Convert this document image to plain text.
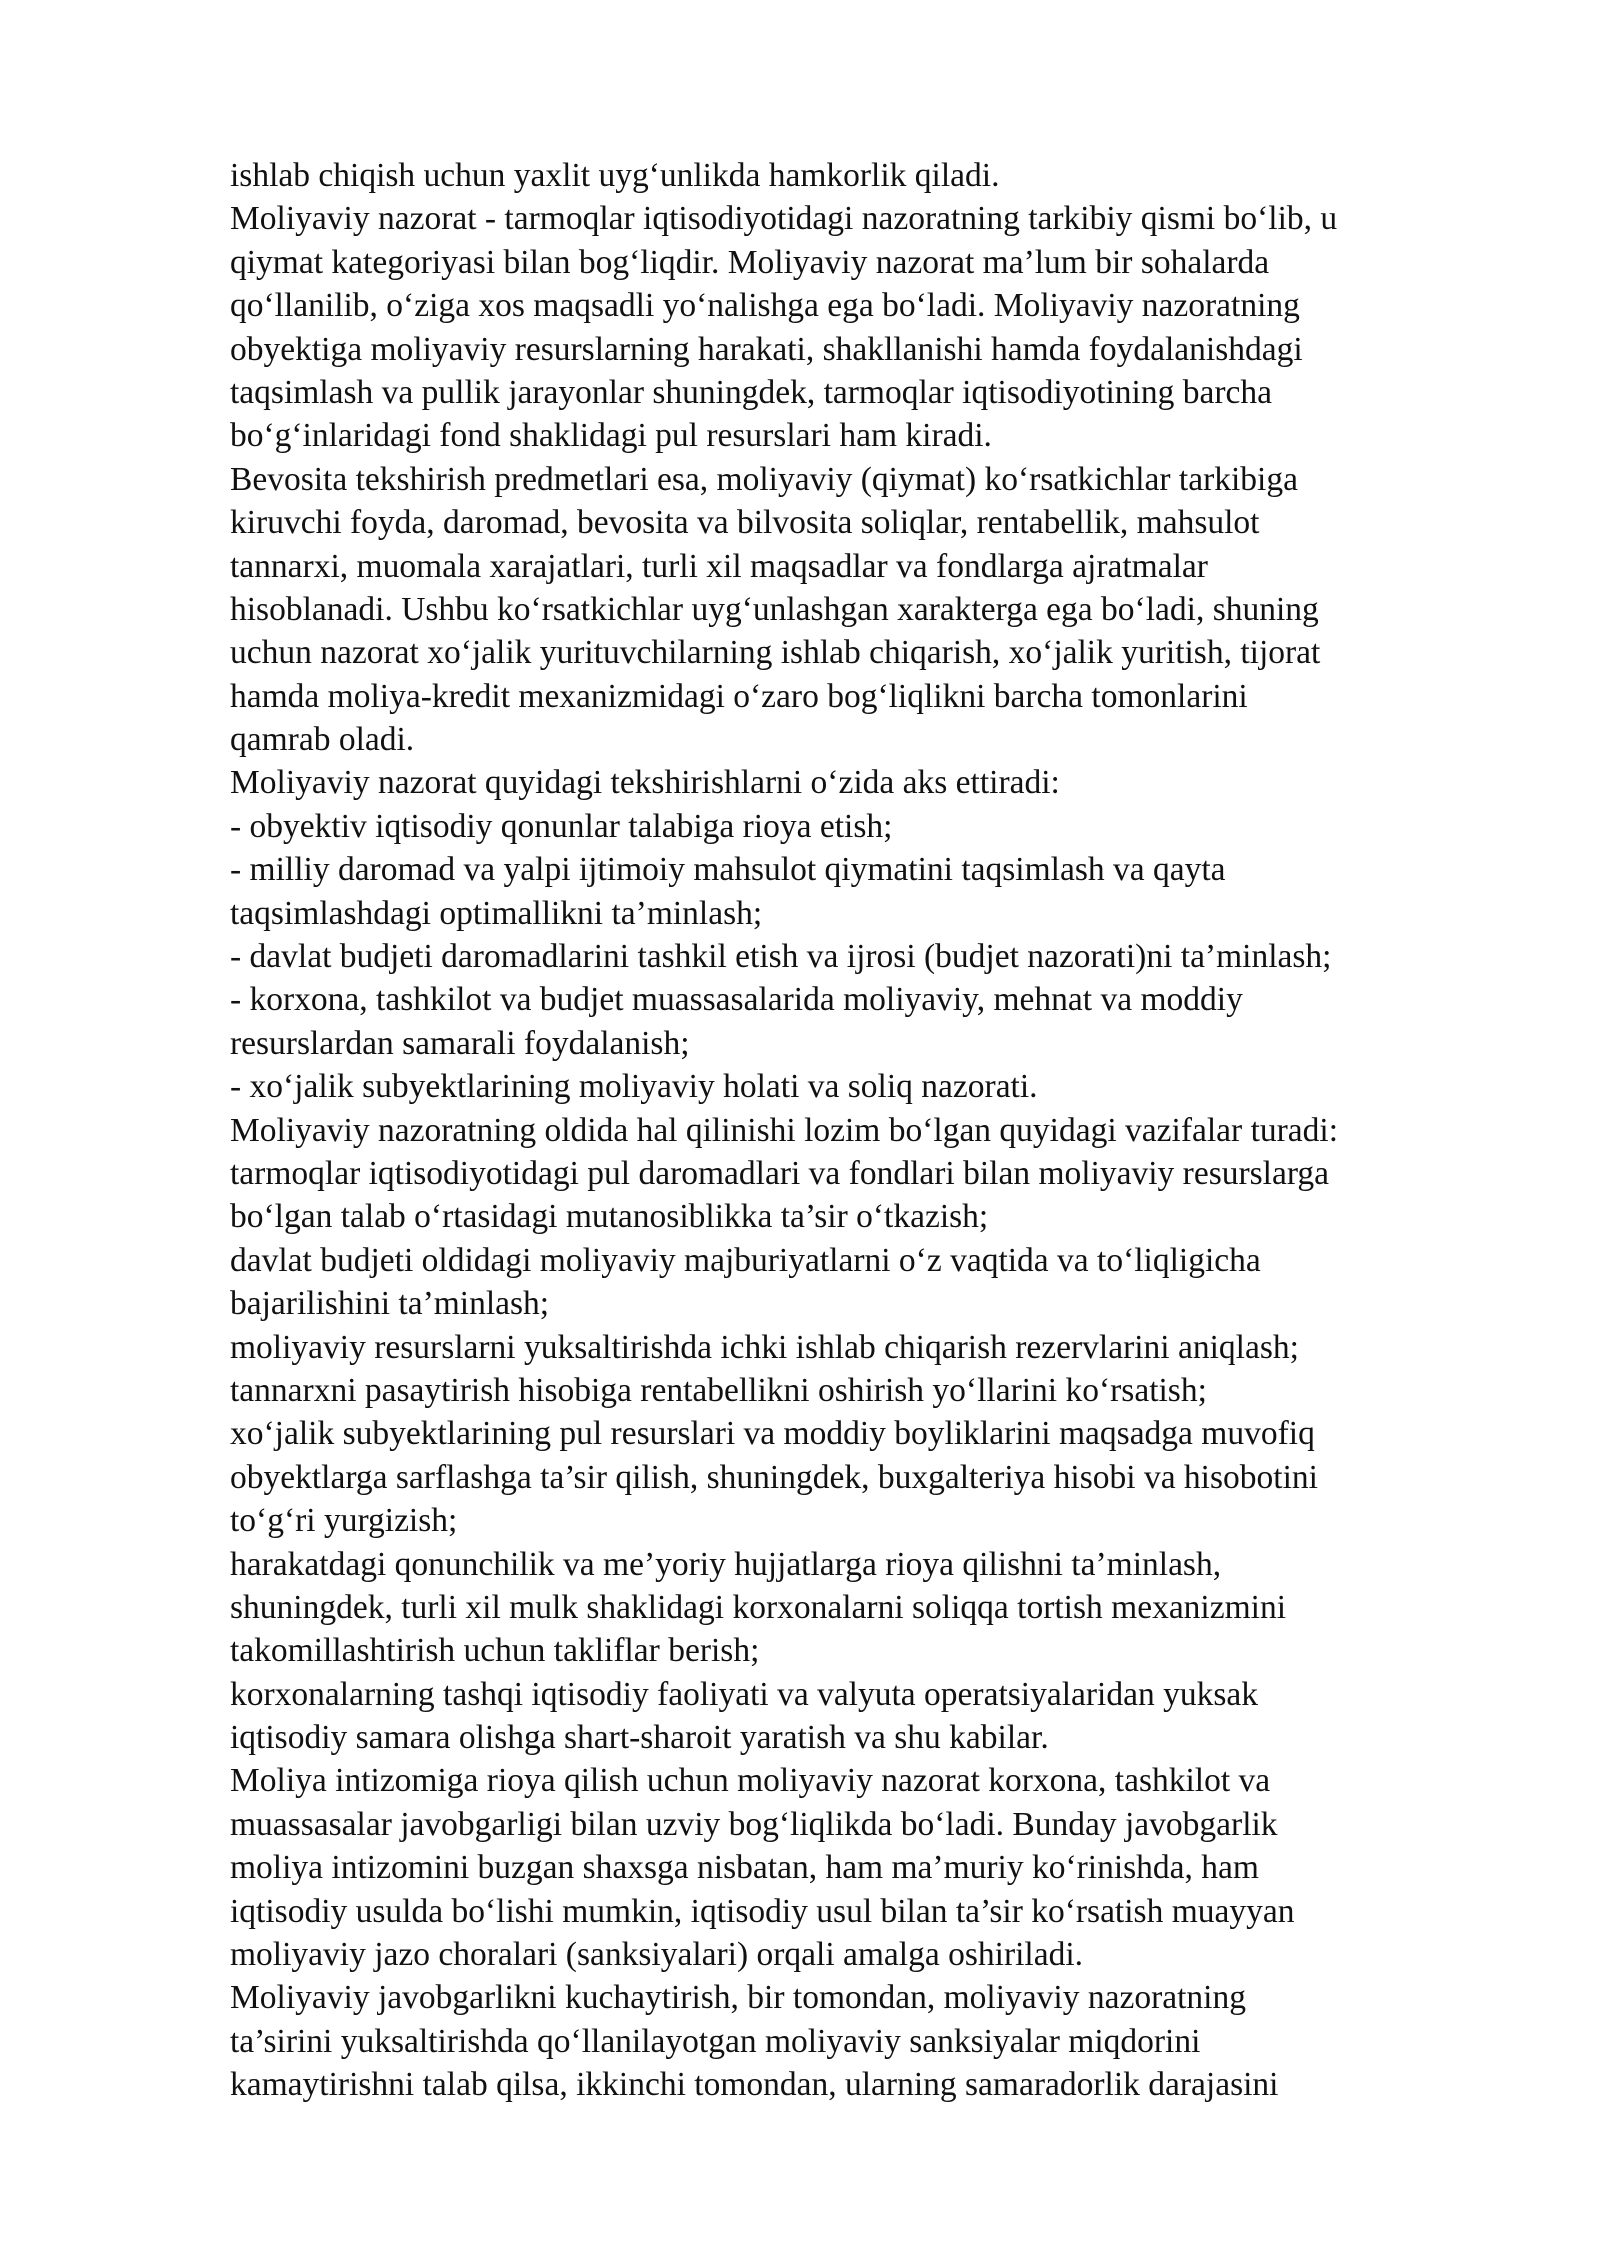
ishlab chiqish uchun yaxlit uyg‘unlikda hamkorlik qiladi.
Moliyaviy nazorat - tarmoqlar iqtisodiyotidagi nazoratning tarkibiy qismi bo‘lib, u
qiymat kategoriyasi bilan bog‘liqdir. Moliyaviy nazorat ma’lum bir sohalarda
qo‘llanilib, o‘ziga xos maqsadli yo‘nalishga ega bo‘ladi. Moliyaviy nazoratning
obyektiga moliyaviy resurslarning harakati, shakllanishi hamda foydalanishdagi
taqsimlash va pullik jarayonlar shuningdek, tarmoqlar iqtisodiyotining barcha
bo‘g‘inlaridagi fond shaklidagi pul resurslari ham kiradi.
Bevosita tekshirish predmetlari esa, moliyaviy (qiymat) ko‘rsatkichlar tarkibiga
kiruvchi foyda, daromad, bevosita va bilvosita soliqlar, rentabellik, mahsulot
tannarxi, muomala xarajatlari, turli xil maqsadlar va fondlarga ajratmalar
hisoblanadi. Ushbu ko‘rsatkichlar uyg‘unlashgan xarakterga ega bo‘ladi, shuning
uchun nazorat xo‘jalik yurituvchilarning ishlab chiqarish, xo‘jalik yuritish, tijorat
hamda moliya-kredit mexanizmidagi o‘zaro bog‘liqlikni barcha tomonlarini
qamrab oladi.
Moliyaviy nazorat quyidagi tekshirishlarni o‘zida aks ettiradi:
- obyektiv iqtisodiy qonunlar talabiga rioya etish;
- milliy daromad va yalpi ijtimoiy mahsulot qiymatini taqsimlash va qayta
taqsimlashdagi optimallikni ta’minlash;
- davlat budjeti daromadlarini tashkil etish va ijrosi (budjet nazorati)ni ta’minlash;
- korxona, tashkilot va budjet muassasalarida moliyaviy, mehnat va moddiy
resurslardan samarali foydalanish;
- xo‘jalik subyektlarining moliyaviy holati va soliq nazorati.
Moliyaviy nazoratning oldida hal qilinishi lozim bo‘lgan quyidagi vazifalar turadi:
tarmoqlar iqtisodiyotidagi pul daromadlari va fondlari bilan moliyaviy resurslarga
bo‘lgan talab o‘rtasidagi mutanosiblikka ta’sir o‘tkazish;
davlat budjeti oldidagi moliyaviy majburiyatlarni o‘z vaqtida va to‘liqligicha
bajarilishini ta’minlash;
moliyaviy resurslarni yuksaltirishda ichki ishlab chiqarish rezervlarini aniqlash;
tannarxni pasaytirish hisobiga rentabellikni oshirish yo‘llarini ko‘rsatish;
xo‘jalik subyektlarining pul resurslari va moddiy boyliklarini maqsadga muvofiq
obyektlarga sarflashga ta’sir qilish, shuningdek, buxgalteriya hisobi va hisobotini
to‘g‘ri yurgizish;
harakatdagi qonunchilik va me’yoriy hujjatlarga rioya qilishni ta’minlash,
shuningdek, turli xil mulk shaklidagi korxonalarni soliqqa tortish mexanizmini
takomillashtirish uchun takliflar berish;
korxonalarning tashqi iqtisodiy faoliyati va valyuta operatsiyalaridan yuksak
iqtisodiy samara olishga shart-sharoit yaratish va shu kabilar.
Moliya intizomiga rioya qilish uchun moliyaviy nazorat korxona, tashkilot va
muassasalar javobgarligi bilan uzviy bog‘liqlikda bo‘ladi. Bunday javobgarlik
moliya intizomini buzgan shaxsga nisbatan, ham ma’muriy ko‘rinishda, ham
iqtisodiy usulda bo‘lishi mumkin, iqtisodiy usul bilan ta’sir ko‘rsatish muayyan
moliyaviy jazo choralari (sanksiyalari) orqali amalga oshiriladi.
Moliyaviy javobgarlikni kuchaytirish, bir tomondan, moliyaviy nazoratning
ta’sirini yuksaltirishda qo‘llanilayotgan moliyaviy sanksiyalar miqdorini
kamaytirishni talab qilsa, ikkinchi tomondan, ularning samaradorlik darajasini
